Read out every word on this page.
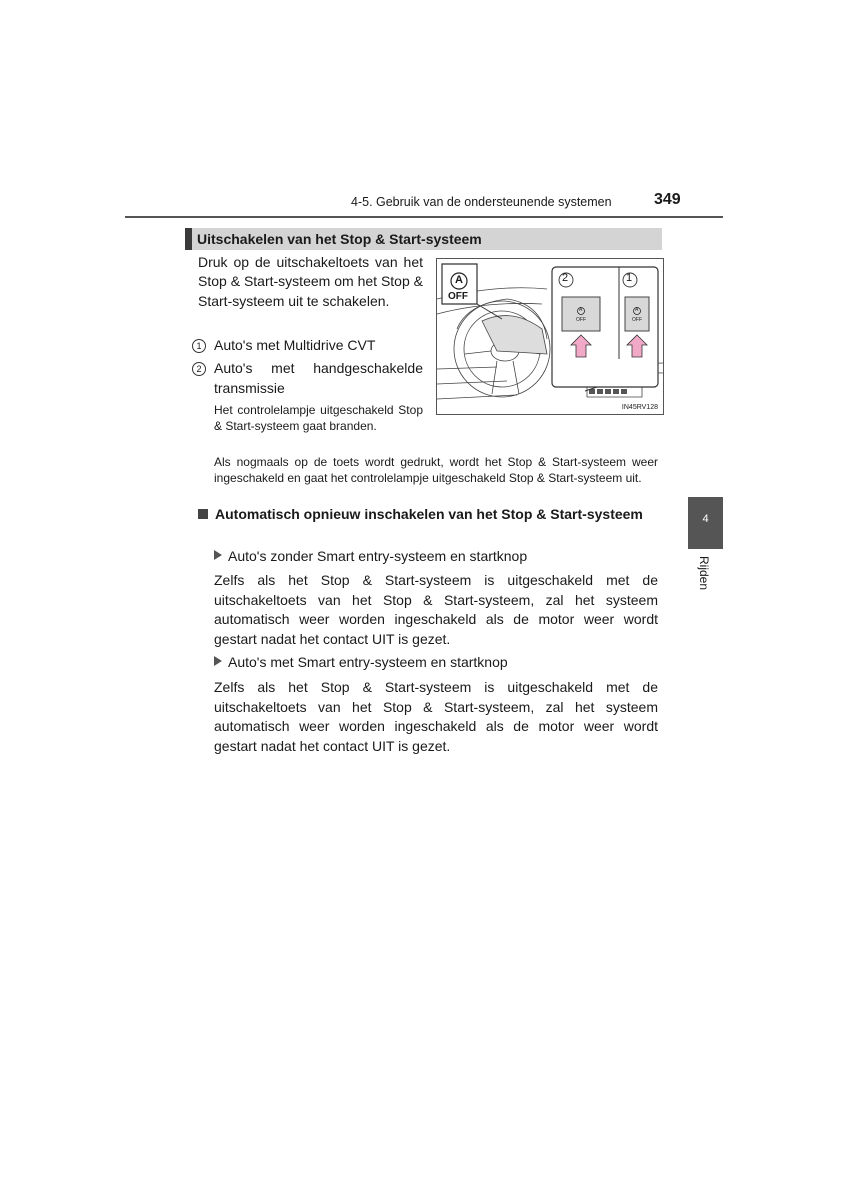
4-5. Gebruik van de ondersteunende systemen	349
Uitschakelen van het Stop & Start-systeem
Druk op de uitschakeltoets van het Stop & Start-systeem om het Stop & Start-systeem uit te schakelen.
1 Auto's met Multidrive CVT
2 Auto's met handgeschakelde transmissie
Het controlelampje uitgeschakeld Stop & Start-systeem gaat branden.
Als nogmaals op de toets wordt gedrukt, wordt het Stop & Start-systeem weer ingeschakeld en gaat het controlelampje uitgeschakeld Stop & Start-systeem uit.
A
OFF
2	1
A
OFF
A
OFF
IN45RV128
Automatisch opnieuw inschakelen van het Stop & Start-systeem
Auto's zonder Smart entry-systeem en startknop
Zelfs als het Stop & Start-systeem is uitgeschakeld met de uitschakeltoets van het Stop & Start-systeem, zal het systeem automatisch weer worden ingeschakeld als de motor weer wordt gestart nadat het contact UIT is gezet.
Auto's met Smart entry-systeem en startknop
Zelfs als het Stop & Start-systeem is uitgeschakeld met de uitschakeltoets van het Stop & Start-systeem, zal het systeem automatisch weer worden ingeschakeld als de motor weer wordt gestart nadat het contact UIT is gezet.
4
Rijden
